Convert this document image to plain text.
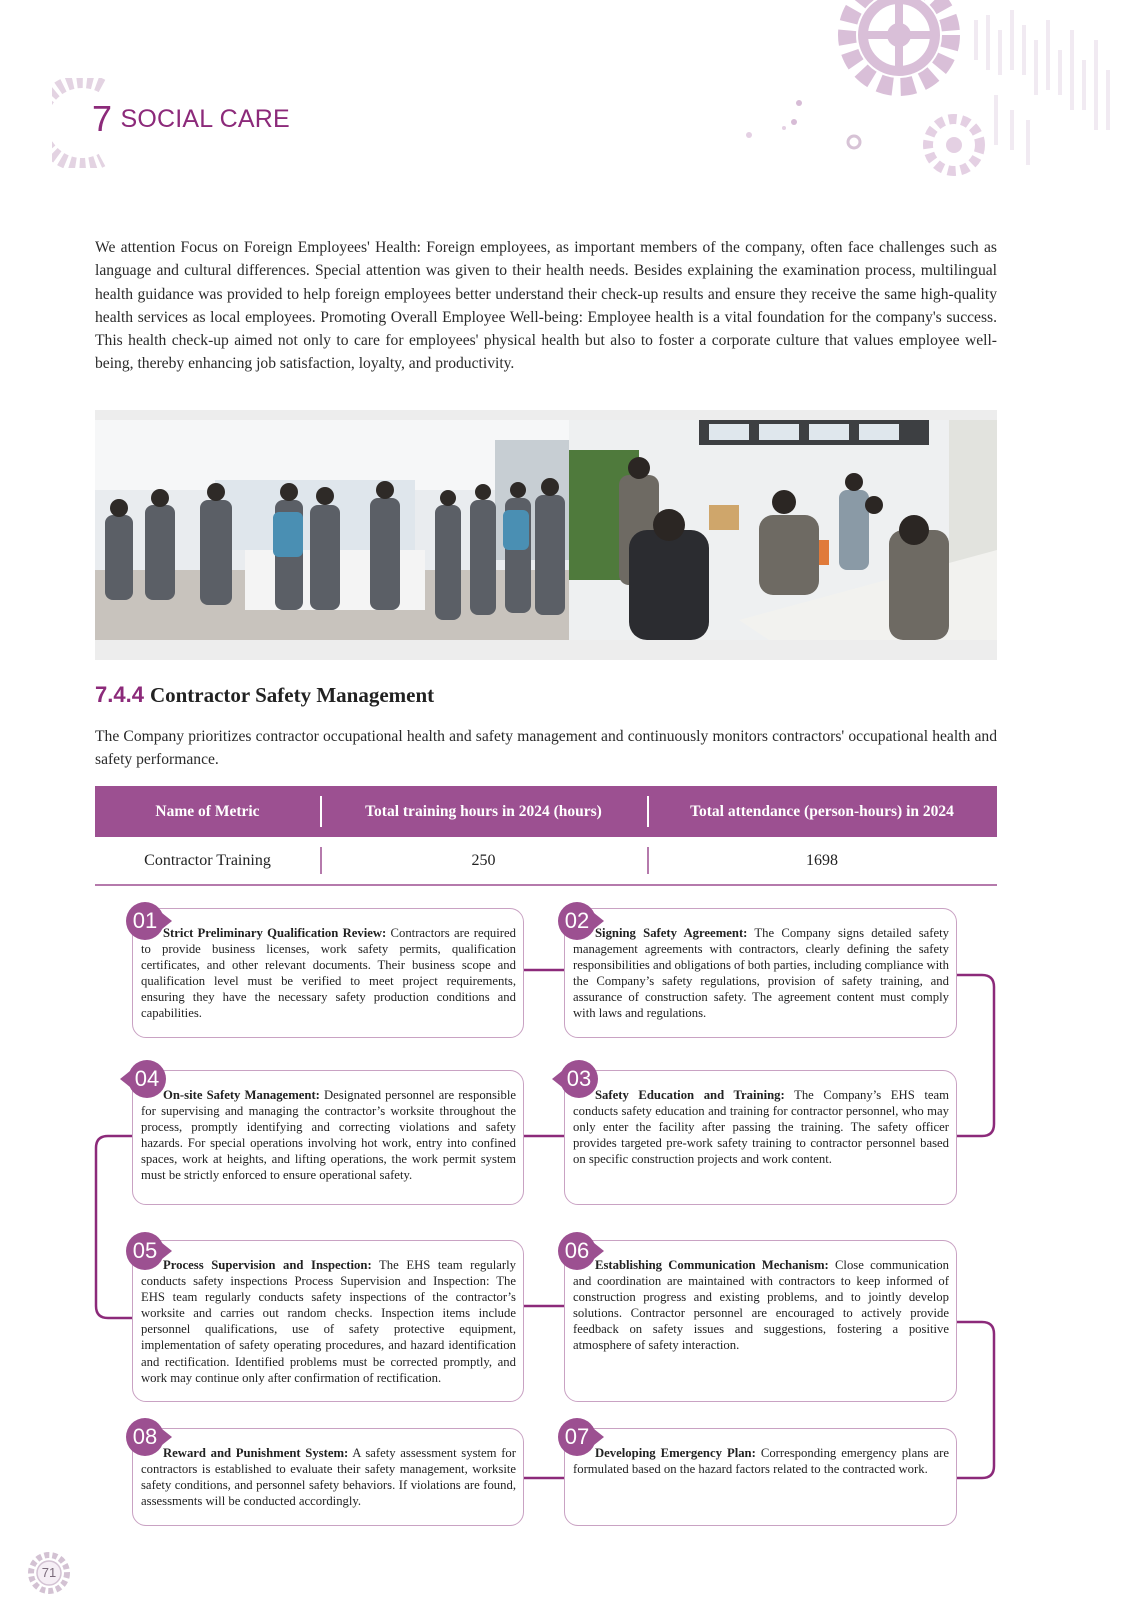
7 SOCIAL CARE

We attention Focus on Foreign Employees' Health: Foreign employees, as important members of the company, often face challenges such as language and cultural differences. Special attention was given to their health needs. Besides explaining the examination process, multilingual health guidance was provided to help foreign employees better understand their check-up results and ensure they receive the same high-quality health services as local employees. Promoting Overall Employee Well-being: Employee health is a vital foundation for the company's success. This health check-up aimed not only to care for employees' physical health but also to foster a corporate culture that values employee well-being, thereby enhancing job satisfaction, loyalty, and productivity.

7.4.4 Contractor Safety Management

The Company prioritizes contractor occupational health and safety management and continuously monitors contractors' occupational health and safety performance.

Name of Metric	Total training hours in 2024 (hours)	Total attendance (person-hours) in 2024
Contractor Training	250	1698
Strict Preliminary Qualification Review: Contractors are required to provide business licenses, work safety permits, qualification certificates, and other relevant documents. Their business scope and qualification level must be verified to meet project requirements, ensuring they have the necessary safety production conditions and capabilities.
01	Signing Safety Agreement: The Company signs detailed safety management agreements with contractors, clearly defining the safety responsibilities and obligations of both parties, including compliance with the Company’s safety regulations, provision of safety training, and assurance of construction safety. The agreement content must comply with laws and regulations.
02
Safety Education and Training: The Company’s EHS team conducts safety education and training for contractor personnel, who may only enter the facility after passing the training. The safety officer provides targeted pre-work safety training to contractor personnel based on specific construction projects and work content.
03
On-site Safety Management: Designated personnel are responsible for supervising and managing the contractor’s worksite throughout the process, promptly identifying and correcting violations and safety hazards. For special operations involving hot work, entry into confined spaces, work at heights, and lifting operations, the work permit system must be strictly enforced to ensure operational safety.
04
Process Supervision and Inspection: The EHS team regularly conducts safety inspections Process Supervision and Inspection: The EHS team regularly conducts safety inspections of the contractor’s worksite and carries out random checks. Inspection items include personnel qualifications, use of safety protective equipment, implementation of safety operating procedures, and hazard identification and rectification. Identified problems must be corrected promptly, and work may continue only after confirmation of rectification.
05
Establishing Communication Mechanism: Close communication and coordination are maintained with contractors to keep informed of construction progress and existing problems, and to jointly develop solutions. Contractor personnel are encouraged to actively provide feedback on safety issues and suggestions, fostering a positive atmosphere of safety interaction.
06
Reward and Punishment System: A safety assessment system for contractors is established to evaluate their safety management, worksite safety conditions, and personnel safety behaviors. If violations are found, assessments will be conducted accordingly.
08
Developing Emergency Plan: Corresponding emergency plans are formulated based on the hazard factors related to the contracted work.
07
71
